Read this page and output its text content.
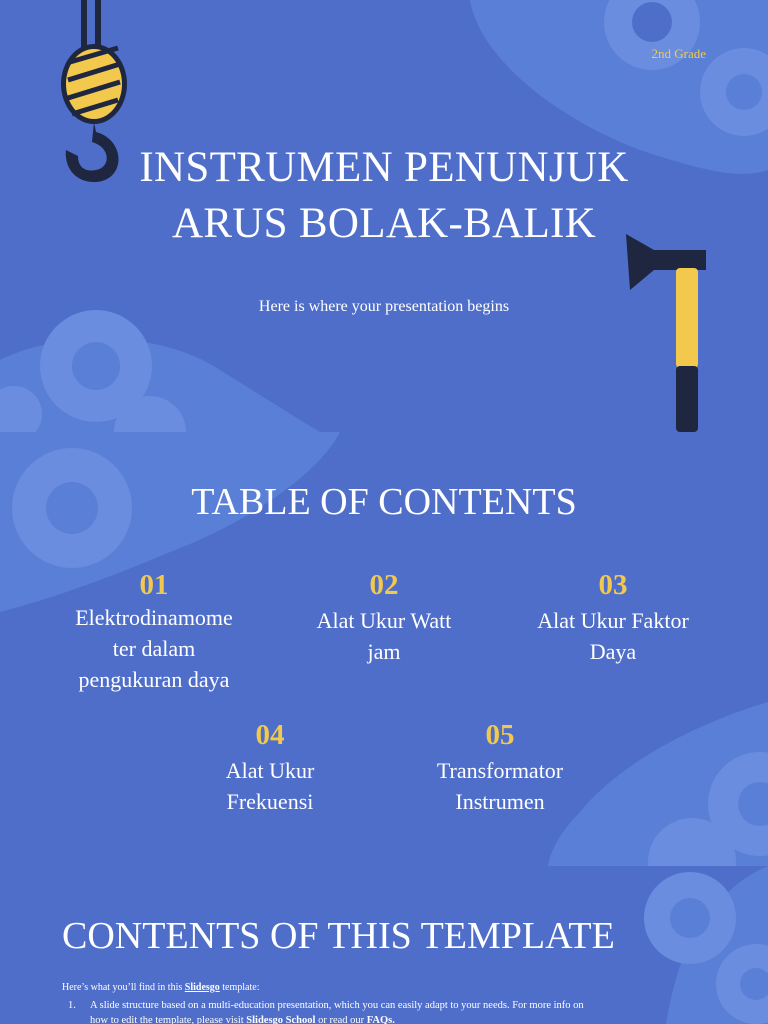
2nd Grade
INSTRUMEN PENUNJUK
ARUS BOLAK-BALIK
Here is where your presentation begins
TABLE OF CONTENTS
01
Elektrodinamome
ter dalam
pengukuran daya
02
Alat Ukur Watt
jam
03
Alat Ukur Faktor
Daya
04
Alat Ukur
Frekuensi
05
Transformator
Instrumen
CONTENTS OF THIS TEMPLATE
Here’s what you’ll find in this Slidesgo template:
1. A slide structure based on a multi-education presentation, which you can easily adapt to your needs. For more info on
how to edit the template, please visit Slidesgo School or read our FAQs.
